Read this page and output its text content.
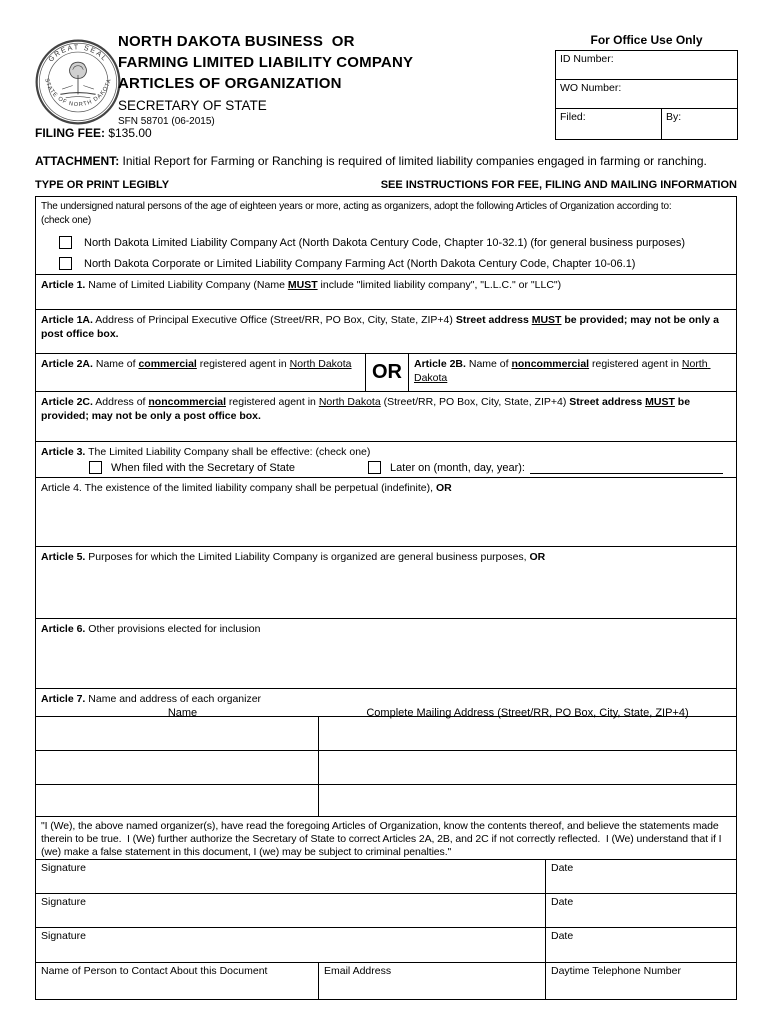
GREAT SEAL
STATE OF NORTH DAKOTA
NORTH DAKOTA BUSINESS  OR
FARMING LIMITED LIABILITY COMPANY
ARTICLES OF ORGANIZATION
SECRETARY OF STATE
SFN 58701 (06-2015)
For Office Use Only
ID Number:
WO Number:
Filed:	By:
FILING FEE: $135.00
ATTACHMENT: Initial Report for Farming or Ranching is required of limited liability companies engaged in farming or ranching.
TYPE OR PRINT LEGIBLY	SEE INSTRUCTIONS FOR FEE, FILING AND MAILING INFORMATION
The undersigned natural persons of the age of eighteen years or more, acting as organizers, adopt the following Articles of Organization according to:
(check one)
North Dakota Limited Liability Company Act (North Dakota Century Code, Chapter 10-32.1) (for general business purposes)
North Dakota Corporate or Limited Liability Company Farming Act (North Dakota Century Code, Chapter 10-06.1)
Article 1. Name of Limited Liability Company (Name MUST include "limited liability company", "L.L.C." or "LLC")
Article 1A. Address of Principal Executive Office (Street/RR, PO Box, City, State, ZIP+4) Street address MUST be provided; may not be only a post office box.
Article 2A. Name of commercial registered agent in North Dakota	OR	Article 2B. Name of noncommercial registered agent in North Dakota
Article 2C. Address of noncommercial registered agent in North Dakota (Street/RR, PO Box, City, State, ZIP+4) Street address MUST be provided; may not be only a post office box.
Article 3. The Limited Liability Company shall be effective: (check one)
When filed with the Secretary of State	Later on (month, day, year):
Article 4. The existence of the limited liability company shall be perpetual (indefinite), OR
Article 5. Purposes for which the Limited Liability Company is organized are general business purposes, OR
Article 6. Other provisions elected for inclusion
Article 7. Name and address of each organizer
Name	Complete Mailing Address (Street/RR, PO Box, City, State, ZIP+4)
"I (We), the above named organizer(s), have read the foregoing Articles of Organization, know the contents thereof, and believe the statements made therein to be true.  I (We) further authorize the Secretary of State to correct Articles 2A, 2B, and 2C if not correctly reflected.  I (We) understand that if I (we) make a false statement in this document, I (we) may be subject to criminal penalties."
Signature	Date
Signature	Date
Signature	Date
Name of Person to Contact About this Document	Email Address	Daytime Telephone Number
